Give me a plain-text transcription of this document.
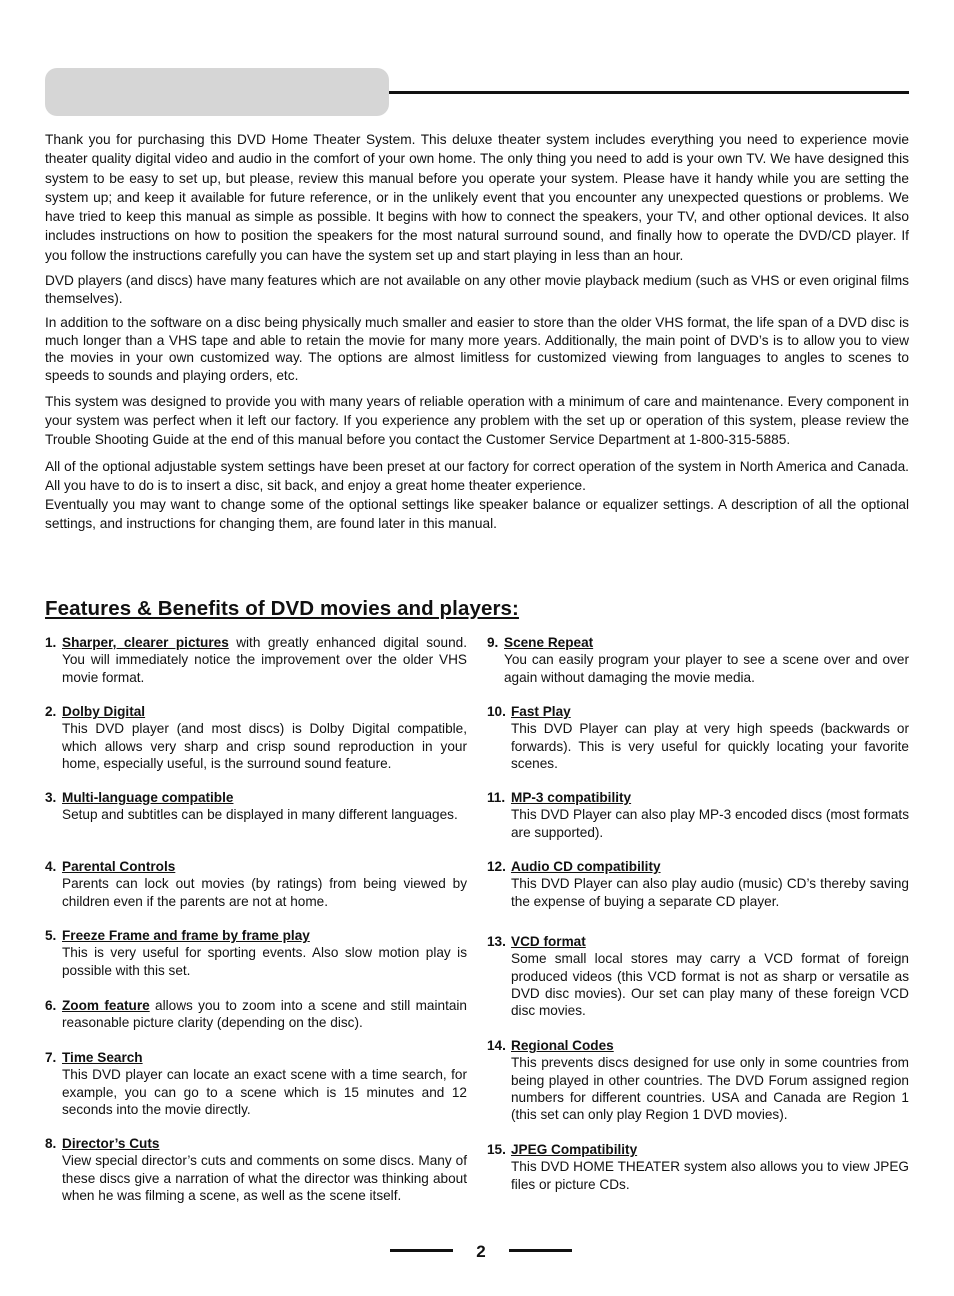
Thank you for purchasing this DVD Home Theater System. This deluxe theater system includes everything you need to experience movie theater quality digital video and audio in the comfort of your own home. The only thing you need to add is your own TV. We have designed this system to be easy to set up, but please, review this manual before you operate your system. Please have it handy while you are setting the system up; and keep it available for future reference, or in the unlikely event that you encounter any unexpected questions or problems. We have tried to keep this manual as simple as possible. It begins with how to connect the speakers, your TV, and other optional devices. It also includes instructions on how to position the speakers for the most natural surround sound, and finally how to operate the DVD/CD player. If you follow the instructions carefully you can have the system set up and start playing in less than an hour.

DVD players (and discs) have many features which are not available on any other movie playback medium (such as VHS or even original films themselves).

In addition to the software on a disc being physically much smaller and easier to store than the older VHS format, the life span of a DVD disc is much longer than a VHS tape and able to retain the movie for many more years. Additionally, the main point of DVD’s is to allow you to view the movies in your own customized way. The options are almost limitless for customized viewing from languages to angles to scenes to speeds to sounds and playing orders, etc.

This system was designed to provide you with many years of reliable operation with a minimum of care and maintenance. Every component in your system was perfect when it left our factory. If you experience any problem with the set up or operation of this system, please review the Trouble Shooting Guide at the end of this manual before you contact the Customer Service Department at 1-800-315-5885.

All of the optional adjustable system settings have been preset at our factory for correct operation of the system in North America and Canada. All you have to do is to insert a disc, sit back, and enjoy a great home theater experience.

Eventually you may want to change some of the optional settings like speaker balance or equalizer settings. A description of all the optional settings, and instructions for changing them, are found later in this manual.

Features & Benefits of DVD movies and players:
1. Sharper, clearer pictures with greatly enhanced digital sound. You will immediately notice the improvement over the older VHS movie format.
2. Dolby Digital
This DVD player (and most discs) is Dolby Digital compatible, which allows very sharp and crisp sound reproduction in your home, especially useful, is the surround sound feature.
3. Multi-language compatible
Setup and subtitles can be displayed in many different languages.
4. Parental Controls
Parents can lock out movies (by ratings) from being viewed by children even if the parents are not at home.
5. Freeze Frame and frame by frame play
This is very useful for sporting events. Also slow motion play is possible with this set.
6. Zoom feature allows you to zoom into a scene and still maintain reasonable picture clarity (depending on the disc).
7. Time Search
This DVD player can locate an exact scene with a time search, for example, you can go to a scene which is 15 minutes and 12 seconds into the movie directly.
8. Director’s Cuts
View special director’s cuts and comments on some discs. Many of these discs give a narration of what the director was thinking about when he was filming a scene, as well as the scene itself.
9. Scene Repeat
You can easily program your player to see a scene over and over again without damaging the movie media.
10. Fast Play
This DVD Player can play at very high speeds (backwards or forwards). This is very useful for quickly locating your favorite scenes.
11. MP-3 compatibility
This DVD Player can also play MP-3 encoded discs (most formats are supported).
12. Audio CD compatibility
This DVD Player can also play audio (music) CD’s thereby saving the expense of buying a separate CD player.
13. VCD format
Some small local stores may carry a VCD format of foreign produced videos (this VCD format is not as sharp or versatile as DVD disc movies). Our set can play many of these foreign VCD disc movies.
14. Regional Codes
This prevents discs designed for use only in some countries from being played in other countries. The DVD Forum assigned region numbers for different countries. USA and Canada are Region 1 (this set can only play Region 1 DVD movies).
15. JPEG Compatibility
This DVD HOME THEATER system also allows you to view JPEG files or picture CDs.
2
